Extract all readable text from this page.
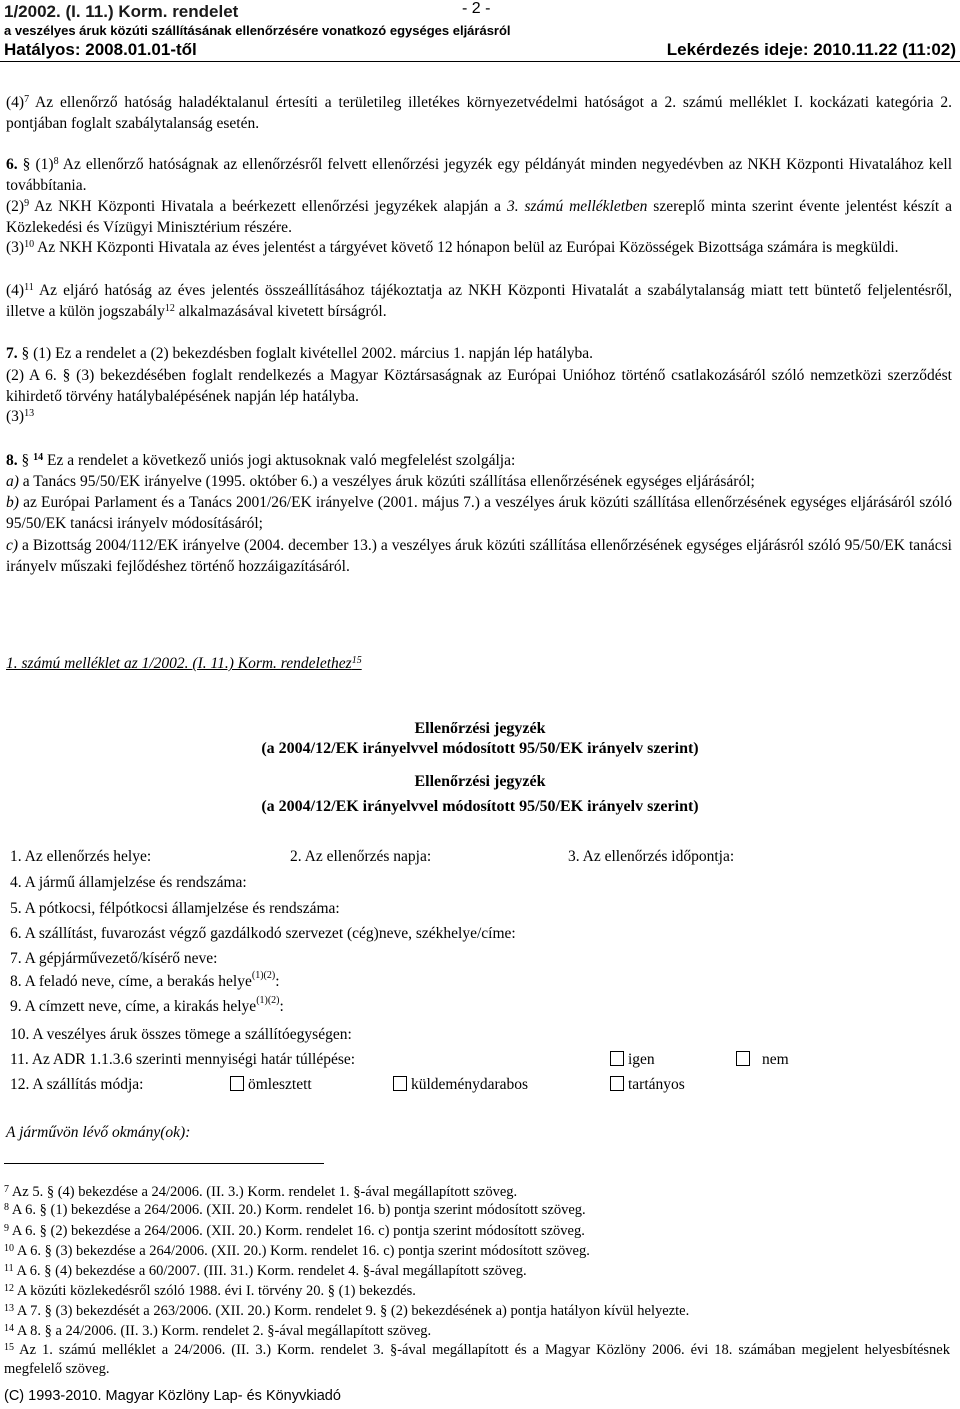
1/2002. (I. 11.) Korm. rendelet	- 2 -
a veszélyes áruk közúti szállításának ellenőrzésére vonatkozó egységes eljárásról
Hatályos: 2008.01.01-től	Lekérdezés ideje: 2010.11.22 (11:02)
$(4)^7$ Az ellenőrző hatóság haladéktalanul értesíti a területileg illetékes környezetvédelmi hatóságot a 2. számú melléklet I. kockázati kategória 2. pontjában foglalt szabálytalanság esetén.
6. § $(1)^8$ Az ellenőrző hatóságnak az ellenőrzésről felvett ellenőrzési jegyzék egy példányát minden negyedévben az NKH Központi Hivatalához kell továbbítania.
$(2)^9$ Az NKH Központi Hivatala a beérkezett ellenőrzési jegyzékek alapján a 3. számú mellékletben szereplő minta szerint évente jelentést készít a Közlekedési és Vízügyi Minisztérium részére.
$(3)^{10}$ Az NKH Központi Hivatala az éves jelentést a tárgyévet követő 12 hónapon belül az Európai Közösségek Bizottsága számára is megküldi.
$(4)^{11}$ Az eljáró hatóság az éves jelentés összeállításához tájékoztatja az NKH Központi Hivatalát a szabálytalanság miatt tett büntető feljelentésről, illetve a külön jogszabály$^{12}$ alkalmazásával kivetett bírságról.
7. § (1) Ez a rendelet a (2) bekezdésben foglalt kivétellel 2002. március 1. napján lép hatályba.
(2) A 6. § (3) bekezdésében foglalt rendelkezés a Magyar Köztársaságnak az Európai Unióhoz történő csatlakozásáról szóló nemzetközi szerződést kihirdető törvény hatálybalépésének napján lép hatályba.
$(3)^{13}$
8. § $^{14}$ Ez a rendelet a következő uniós jogi aktusoknak való megfelelést szolgálja:
a) a Tanács 95/50/EK irányelve (1995. október 6.) a veszélyes áruk közúti szállítása ellenőrzésének egységes eljárásáról;
b) az Európai Parlament és a Tanács 2001/26/EK irányelve (2001. május 7.) a veszélyes áruk közúti szállítása ellenőrzésének egységes eljárásáról szóló 95/50/EK tanácsi irányelv módosításáról;
c) a Bizottság 2004/112/EK irányelve (2004. december 13.) a veszélyes áruk közúti szállítása ellenőrzésének egységes eljárásról szóló 95/50/EK tanácsi irányelv műszaki fejlődéshez történő hozzáigazításáról.
1. számú melléklet az 1/2002. (I. 11.) Korm. rendelethez$^{15}$
Ellenőrzési jegyzék
(a 2004/12/EK irányelvvel módosított 95/50/EK irányelv szerint)
Ellenőrzési jegyzék
(a 2004/12/EK irányelvvel módosított 95/50/EK irányelv szerint)
1. Az ellenőrzés helye:	2. Az ellenőrzés napja:	3. Az ellenőrzés időpontja:
4. A jármű államjelzése és rendszáma:
5. A pótkocsi, félpótkocsi államjelzése és rendszáma:
6. A szállítást, fuvarozást végző gazdálkodó szervezet (cég)neve, székhelye/címe:
7. A gépjárművezető/kísérő neve:
8. A feladó neve, címe, a berakás helye$^{(1)(2)}$:
9. A címzett neve, címe, a kirakás helye$^{(1)(2)}$:
10. A veszélyes áruk összes tömege a szállítóegységen:
11. Az ADR 1.1.3.6 szerinti mennyiségi határ túllépése:	igen	nem
12. A szállítás módja:	ömlesztett	küldeménydarabos	tartányos
A járművön lévő okmány(ok):
$^7$ Az 5. § (4) bekezdése a 24/2006. (II. 3.) Korm. rendelet 1. §-ával megállapított szöveg.
$^8$ A 6. § (1) bekezdése a 264/2006. (XII. 20.) Korm. rendelet 16. b) pontja szerint módosított szöveg.
$^9$ A 6. § (2) bekezdése a 264/2006. (XII. 20.) Korm. rendelet 16. c) pontja szerint módosított szöveg.
$^{10}$ A 6. § (3) bekezdése a 264/2006. (XII. 20.) Korm. rendelet 16. c) pontja szerint módosított szöveg.
$^{11}$ A 6. § (4) bekezdése a 60/2007. (III. 31.) Korm. rendelet 4. §-ával megállapított szöveg.
$^{12}$ A közúti közlekedésről szóló 1988. évi I. törvény 20. § (1) bekezdés.
$^{13}$ A 7. § (3) bekezdését a 263/2006. (XII. 20.) Korm. rendelet 9. § (2) bekezdésének a) pontja hatályon kívül helyezte.
$^{14}$ A 8. § a 24/2006. (II. 3.) Korm. rendelet 2. §-ával megállapított szöveg.
$^{15}$ Az 1. számú melléklet a 24/2006. (II. 3.) Korm. rendelet 3. §-ával megállapított és a Magyar Közlöny 2006. évi 18. számában megjelent helyesbítésnek megfelelő szöveg.
(C) 1993-2010. Magyar Közlöny Lap- és Könyvkiadó
